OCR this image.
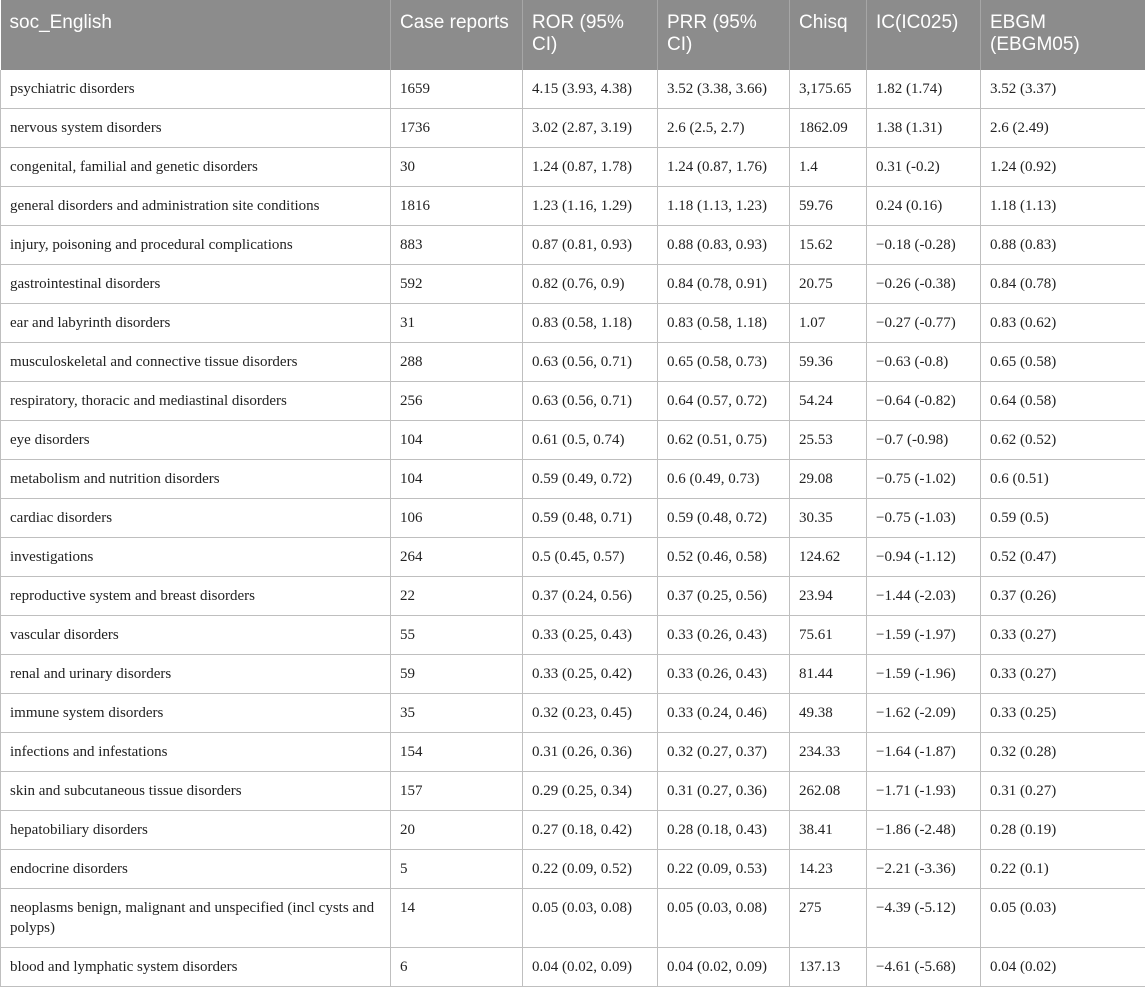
soc_English	Case reports	ROR (95% CI)	PRR (95% CI)	Chisq	IC(IC025)	EBGM (EBGM05)
psychiatric disorders	1659	4.15 (3.93, 4.38)	3.52 (3.38, 3.66)	3,175.65	1.82 (1.74)	3.52 (3.37)
nervous system disorders	1736	3.02 (2.87, 3.19)	2.6 (2.5, 2.7)	1862.09	1.38 (1.31)	2.6 (2.49)
congenital, familial and genetic disorders	30	1.24 (0.87, 1.78)	1.24 (0.87, 1.76)	1.4	0.31 (-0.2)	1.24 (0.92)
general disorders and administration site conditions	1816	1.23 (1.16, 1.29)	1.18 (1.13, 1.23)	59.76	0.24 (0.16)	1.18 (1.13)
injury, poisoning and procedural complications	883	0.87 (0.81, 0.93)	0.88 (0.83, 0.93)	15.62	−0.18 (-0.28)	0.88 (0.83)
gastrointestinal disorders	592	0.82 (0.76, 0.9)	0.84 (0.78, 0.91)	20.75	−0.26 (-0.38)	0.84 (0.78)
ear and labyrinth disorders	31	0.83 (0.58, 1.18)	0.83 (0.58, 1.18)	1.07	−0.27 (-0.77)	0.83 (0.62)
musculoskeletal and connective tissue disorders	288	0.63 (0.56, 0.71)	0.65 (0.58, 0.73)	59.36	−0.63 (-0.8)	0.65 (0.58)
respiratory, thoracic and mediastinal disorders	256	0.63 (0.56, 0.71)	0.64 (0.57, 0.72)	54.24	−0.64 (-0.82)	0.64 (0.58)
eye disorders	104	0.61 (0.5, 0.74)	0.62 (0.51, 0.75)	25.53	−0.7 (-0.98)	0.62 (0.52)
metabolism and nutrition disorders	104	0.59 (0.49, 0.72)	0.6 (0.49, 0.73)	29.08	−0.75 (-1.02)	0.6 (0.51)
cardiac disorders	106	0.59 (0.48, 0.71)	0.59 (0.48, 0.72)	30.35	−0.75 (-1.03)	0.59 (0.5)
investigations	264	0.5 (0.45, 0.57)	0.52 (0.46, 0.58)	124.62	−0.94 (-1.12)	0.52 (0.47)
reproductive system and breast disorders	22	0.37 (0.24, 0.56)	0.37 (0.25, 0.56)	23.94	−1.44 (-2.03)	0.37 (0.26)
vascular disorders	55	0.33 (0.25, 0.43)	0.33 (0.26, 0.43)	75.61	−1.59 (-1.97)	0.33 (0.27)
renal and urinary disorders	59	0.33 (0.25, 0.42)	0.33 (0.26, 0.43)	81.44	−1.59 (-1.96)	0.33 (0.27)
immune system disorders	35	0.32 (0.23, 0.45)	0.33 (0.24, 0.46)	49.38	−1.62 (-2.09)	0.33 (0.25)
infections and infestations	154	0.31 (0.26, 0.36)	0.32 (0.27, 0.37)	234.33	−1.64 (-1.87)	0.32 (0.28)
skin and subcutaneous tissue disorders	157	0.29 (0.25, 0.34)	0.31 (0.27, 0.36)	262.08	−1.71 (-1.93)	0.31 (0.27)
hepatobiliary disorders	20	0.27 (0.18, 0.42)	0.28 (0.18, 0.43)	38.41	−1.86 (-2.48)	0.28 (0.19)
endocrine disorders	5	0.22 (0.09, 0.52)	0.22 (0.09, 0.53)	14.23	−2.21 (-3.36)	0.22 (0.1)
neoplasms benign, malignant and unspecified (incl cysts and polyps)	14	0.05 (0.03, 0.08)	0.05 (0.03, 0.08)	275	−4.39 (-5.12)	0.05 (0.03)
blood and lymphatic system disorders	6	0.04 (0.02, 0.09)	0.04 (0.02, 0.09)	137.13	−4.61 (-5.68)	0.04 (0.02)
